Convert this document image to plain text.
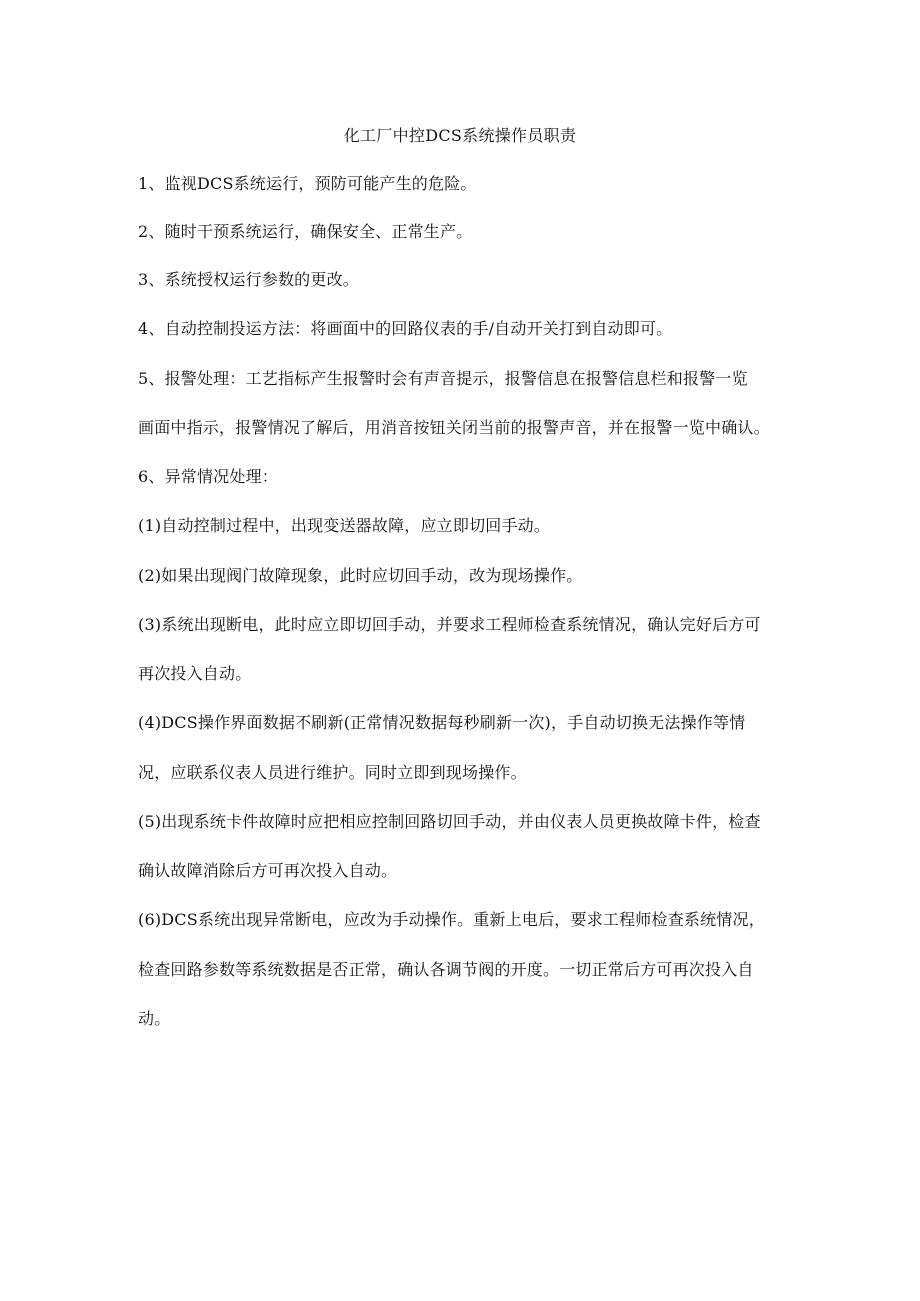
化工厂中控DCS系统操作员职责
1、监视DCS系统运行，预防可能产生的危险。
2、随时干预系统运行，确保安全、正常生产。
3、系统授权运行参数的更改。
4、自动控制投运方法：将画面中的回路仪表的手/自动开关打到自动即可。
5、报警处理：工艺指标产生报警时会有声音提示，报警信息在报警信息栏和报警一览
画面中指示，报警情况了解后，用消音按钮关闭当前的报警声音，并在报警一览中确认。
6、异常情况处理：
(1)自动控制过程中，出现变送器故障，应立即切回手动。
(2)如果出现阀门故障现象，此时应切回手动，改为现场操作。
(3)系统出现断电，此时应立即切回手动，并要求工程师检查系统情况，确认完好后方可
再次投入自动。
(4)DCS操作界面数据不刷新(正常情况数据每秒刷新一次)，手自动切换无法操作等情
况，应联系仪表人员进行维护。同时立即到现场操作。
(5)出现系统卡件故障时应把相应控制回路切回手动，并由仪表人员更换故障卡件，检查
确认故障消除后方可再次投入自动。
(6)DCS系统出现异常断电，应改为手动操作。重新上电后，要求工程师检查系统情况，
检查回路参数等系统数据是否正常，确认各调节阀的开度。一切正常后方可再次投入自
动。
